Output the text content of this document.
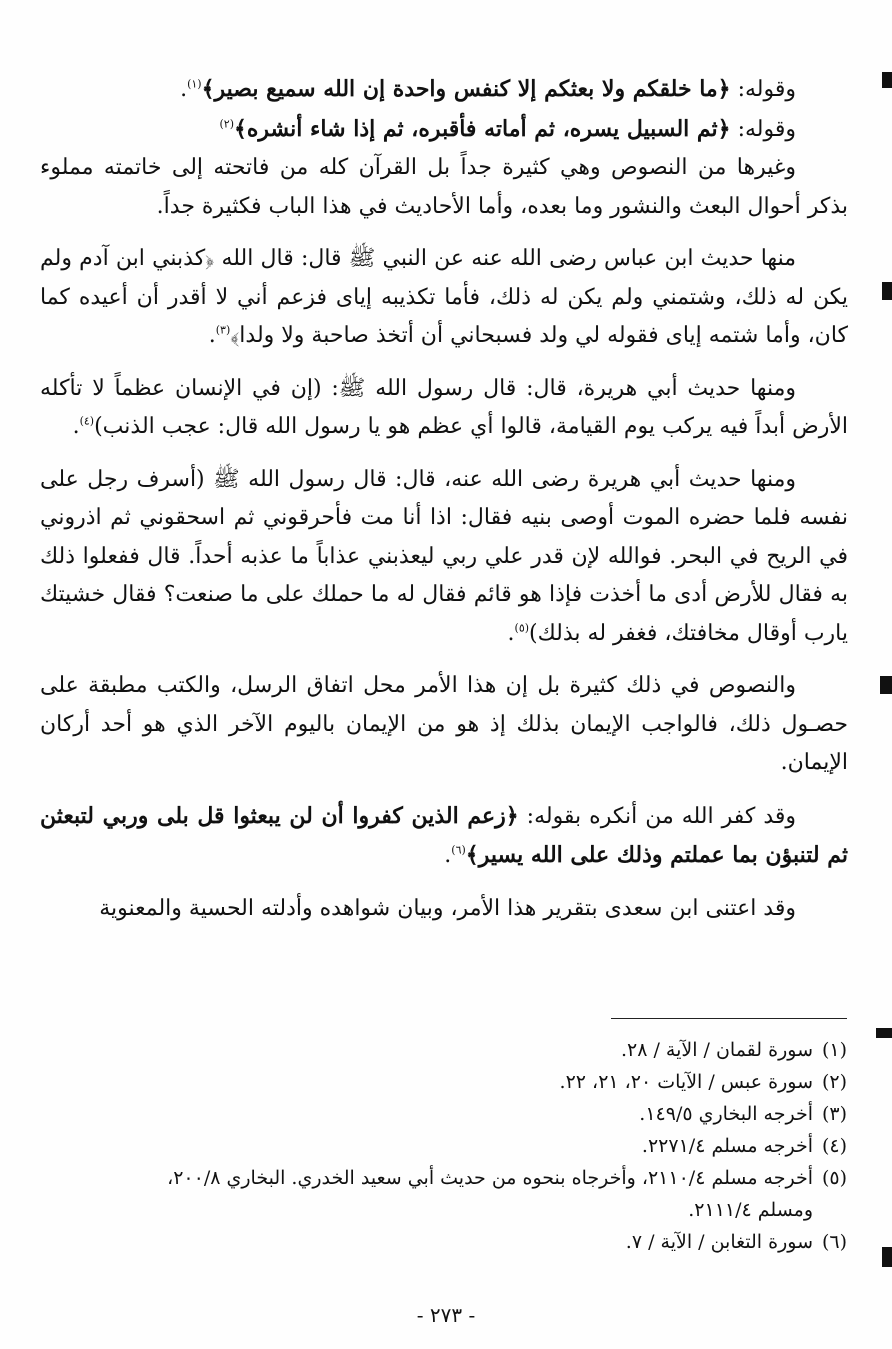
وقوله: ﴿ما خلقكم ولا بعثكم إلا كنفس واحدة إن الله سميع بصير﴾$^{(١)}$.

وقوله: ﴿ثم السبيل يسره، ثم أماته فأقبره، ثم إذا شاء أنشره﴾$^{(٢)}$

وغيرها من النصوص وهي كثيرة جداً بل القرآن كله من فاتحته إلى خاتمته مملوء بذكر أحوال البعث والنشور وما بعده، وأما الأحاديث في هذا الباب فكثيرة جداً.

منها حديث ابن عباس رضى الله عنه عن النبي ﷺ قال: قال الله ﴿كذبني ابن آدم ولم يكن له ذلك، وشتمني ولم يكن له ذلك، فأما تكذيبه إياى فزعم أني لا أقدر أن أعيده كما كان، وأما شتمه إياى فقوله لي ولد فسبحاني أن أتخذ صاحبة ولا ولدا﴾$^{(٣)}$.

ومنها حديث أبي هريرة، قال: قال رسول الله ﷺ: (إن في الإنسان عظماً لا تأكله الأرض أبداً فيه يركب يوم القيامة، قالوا أي عظم هو يا رسول الله قال: عجب الذنب)$^{(٤)}$.

ومنها حديث أبي هريرة رضى الله عنه، قال: قال رسول الله ﷺ (أسرف رجل على نفسه فلما حضره الموت أوصى بنيه فقال: اذا أنا مت فأحرقوني ثم اسحقوني ثم اذروني في الريح في البحر. فوالله لإن قدر علي ربي ليعذبني عذاباً ما عذبه أحداً. قال ففعلوا ذلك به فقال للأرض أدى ما أخذت فإذا هو قائم فقال له ما حملك على ما صنعت؟ فقال خشيتك يارب أوقال مخافتك، فغفر له بذلك)$^{(٥)}$.

والنصوص في ذلك كثيرة بل إن هذا الأمر محل اتفاق الرسل، والكتب مطبقة على حصـول ذلك، فالواجب الإيمان بذلك إذ هو من الإيمان باليوم الآخر الذي هو أحد أركان الإيمان.

وقد كفر الله من أنكره بقوله: ﴿زعم الذين كفروا أن لن يبعثوا قل بلى وربي لتبعثن ثم لتنبؤن بما عملتم وذلك على الله يسير﴾$^{(٦)}$.

وقد اعتنى ابن سعدى بتقرير هذا الأمر، وبيان شواهده وأدلته الحسية والمعنوية

(١)سورة لقمان / الآية / ٢٨.

(٢)سورة عبس / الآيات ٢٠، ٢١، ٢٢.

(٣)أخرجه البخاري ١٤٩/٥.

(٤)أخرجه مسلم ٢٢٧١/٤.

(٥)أخرجه مسلم ٢١١٠/٤، وأخرجاه بنحوه من حديث أبي سعيد الخدري. البخاري ٢٠٠/٨،
ومسلم ٢١١١/٤.

(٦)سورة التغابن / الآية / ٧.

- ٢٧٣ -
